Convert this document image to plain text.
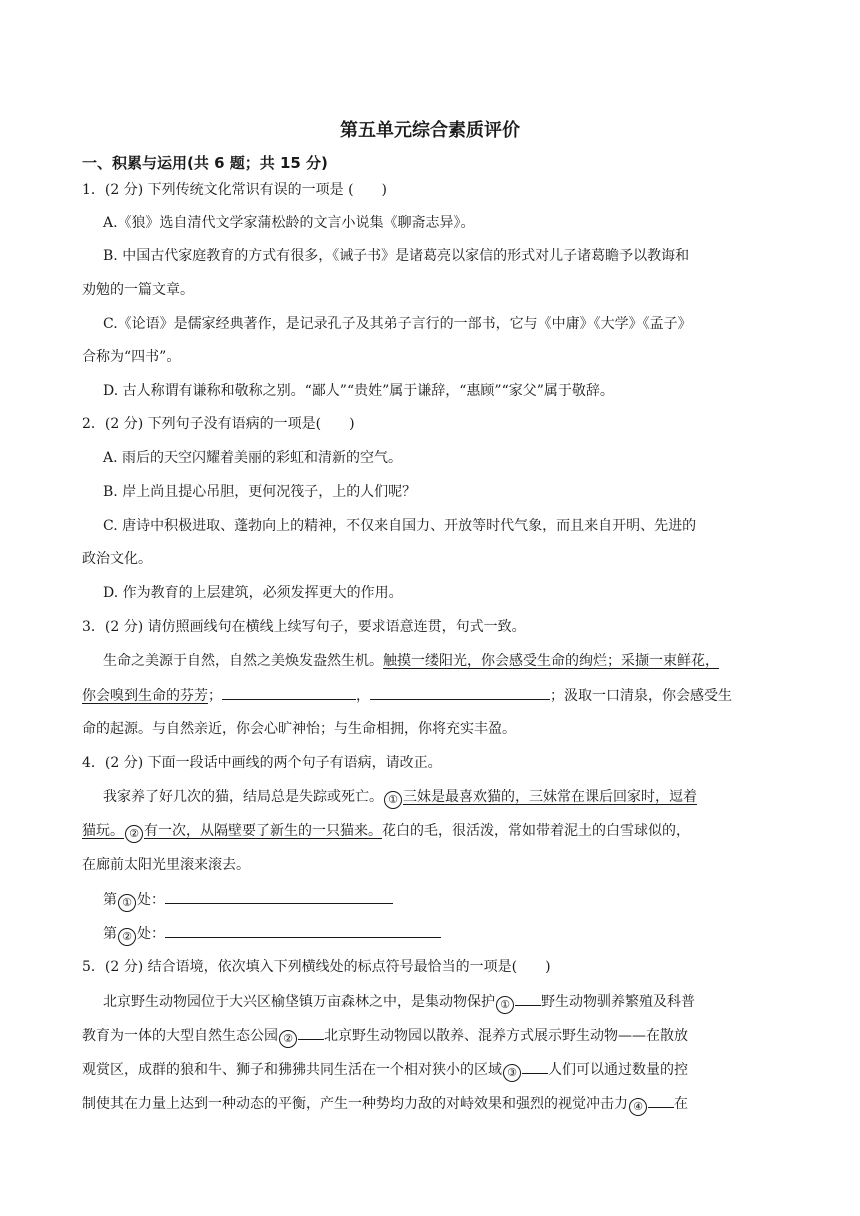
第五单元综合素质评价
一、积累与运用(共 6 题；共 15 分)
1．(2 分) 下列传统文化常识有误的一项是 (　　)
A.《狼》选自清代文学家蒲松龄的文言小说集《聊斋志异》。
B. 中国古代家庭教育的方式有很多，《诫子书》是诸葛亮以家信的形式对儿子诸葛瞻予以教诲和
劝勉的一篇文章。
C.《论语》是儒家经典著作，是记录孔子及其弟子言行的一部书，它与《中庸》《大学》《孟子》
合称为“四书”。
D. 古人称谓有谦称和敬称之别。“鄙人”“贵姓”属于谦辞，“惠顾”“家父”属于敬辞。
2．(2 分) 下列句子没有语病的一项是(　　)
A. 雨后的天空闪耀着美丽的彩虹和清新的空气。
B. 岸上尚且提心吊胆，更何况筏子，上的人们呢？
C. 唐诗中积极进取、蓬勃向上的精神，不仅来自国力、开放等时代气象，而且来自开明、先进的
政治文化。
D. 作为教育的上层建筑，必须发挥更大的作用。
3．(2 分) 请仿照画线句在横线上续写句子，要求语意连贯，句式一致。
生命之美源于自然，自然之美焕发盎然生机。触摸一缕阳光，你会感受生命的绚烂；采撷一束鲜花，
你会嗅到生命的芬芳；	，	；汲取一口清泉，你会感受生
命的起源。与自然亲近，你会心旷神怡；与生命相拥，你将充实丰盈。
4．(2 分) 下面一段话中画线的两个句子有语病，请改正。
我家养了好几次的猫，结局总是失踪或死亡。 ① 三妹是最喜欢猫的，三妹常在课后回家时，逗着
猫玩。 ② 有一次，从隔壁要了新生的一只猫来。花白的毛，很活泼，常如带着泥土的白雪球似的，
在廊前太阳光里滚来滚去。
第 ① 处：
第 ② 处：
5．(2 分) 结合语境，依次填入下列横线处的标点符号最恰当的一项是(　　)
北京野生动物园位于大兴区榆垡镇万亩森林之中，是集动物保护 ① 野生动物驯养繁殖及科普
教育为一体的大型自然生态公园 ② 北京野生动物园以散养、混养方式展示野生动物——在散放
观赏区，成群的狼和牛、狮子和狒狒共同生活在一个相对狭小的区域 ③ 人们可以通过数量的控
制使其在力量上达到一种动态的平衡，产生一种势均力敌的对峙效果和强烈的视觉冲击力 ④ 在
